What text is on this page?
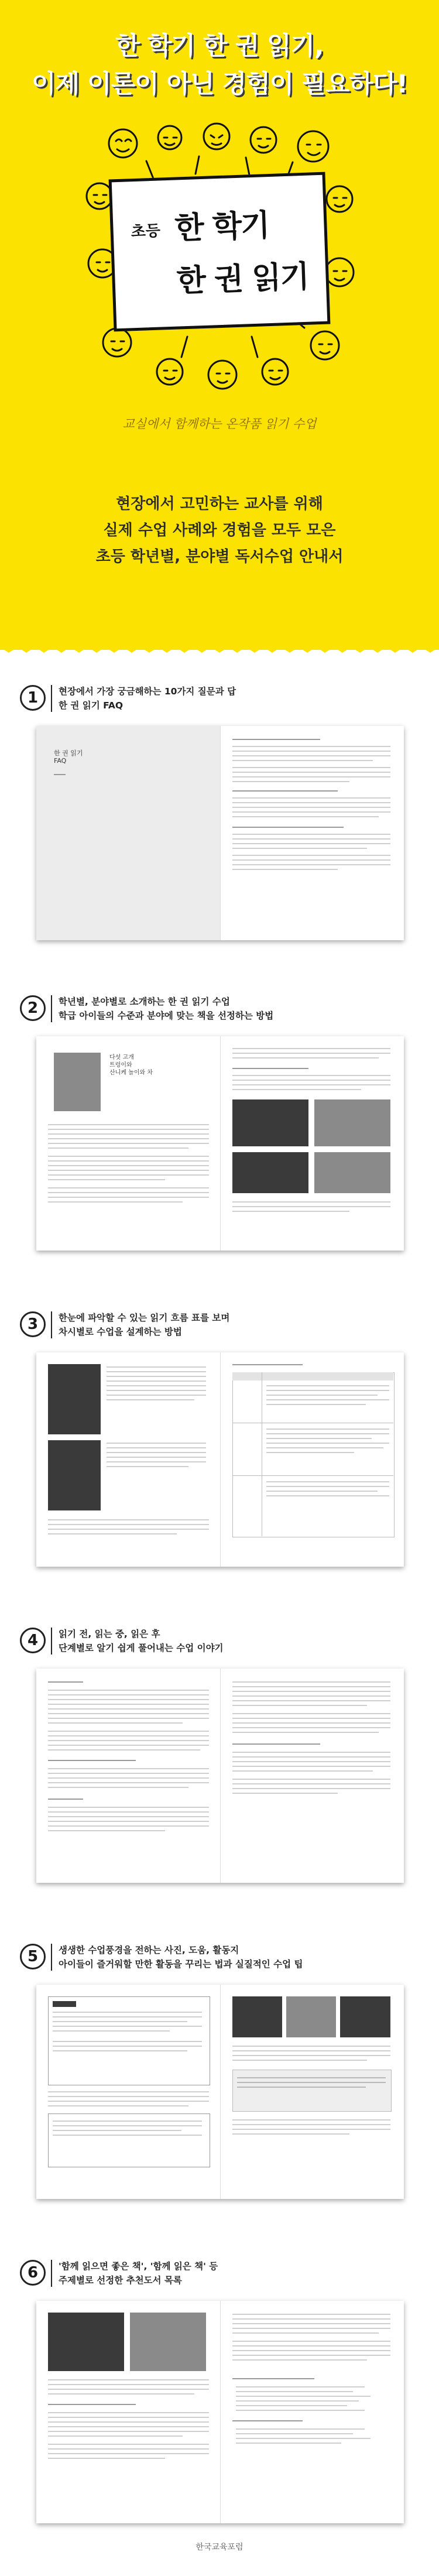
한 학기 한 권 읽기,
이제 이론이 아닌 경험이 필요하다!
초등 한 학기
한 권 읽기
교실에서 함께하는 온작품 읽기 수업
현장에서 고민하는 교사를 위해
실제 수업 사례와 경험을 모두 모은
초등 학년별, 분야별 독서수업 안내서
1	현장에서 가장 궁금해하는 10가지 질문과 답
한 권 읽기 FAQ
한 권 읽기
FAQ
2	학년별, 분야별로 소개하는 한 권 읽기 수업
학급 아이들의 수준과 분야에 맞는 책을 선정하는 방법
다섯 고개
트렁이와
산니케 놀이와 차
3	한눈에 파악할 수 있는 읽기 흐름 표를 보며
차시별로 수업을 설계하는 방법
4	읽기 전, 읽는 중, 읽은 후
단계별로 알기 쉽게 풀어내는 수업 이야기
5	생생한 수업풍경을 전하는 사진, 도움, 활동지
아이들이 즐거워할 만한 활동을 꾸리는 법과 실질적인 수업 팁
6	'함께 읽으면 좋은 책', '함께 읽은 책' 등
주제별로 선정한 추천도서 목록
한국교육포럼
